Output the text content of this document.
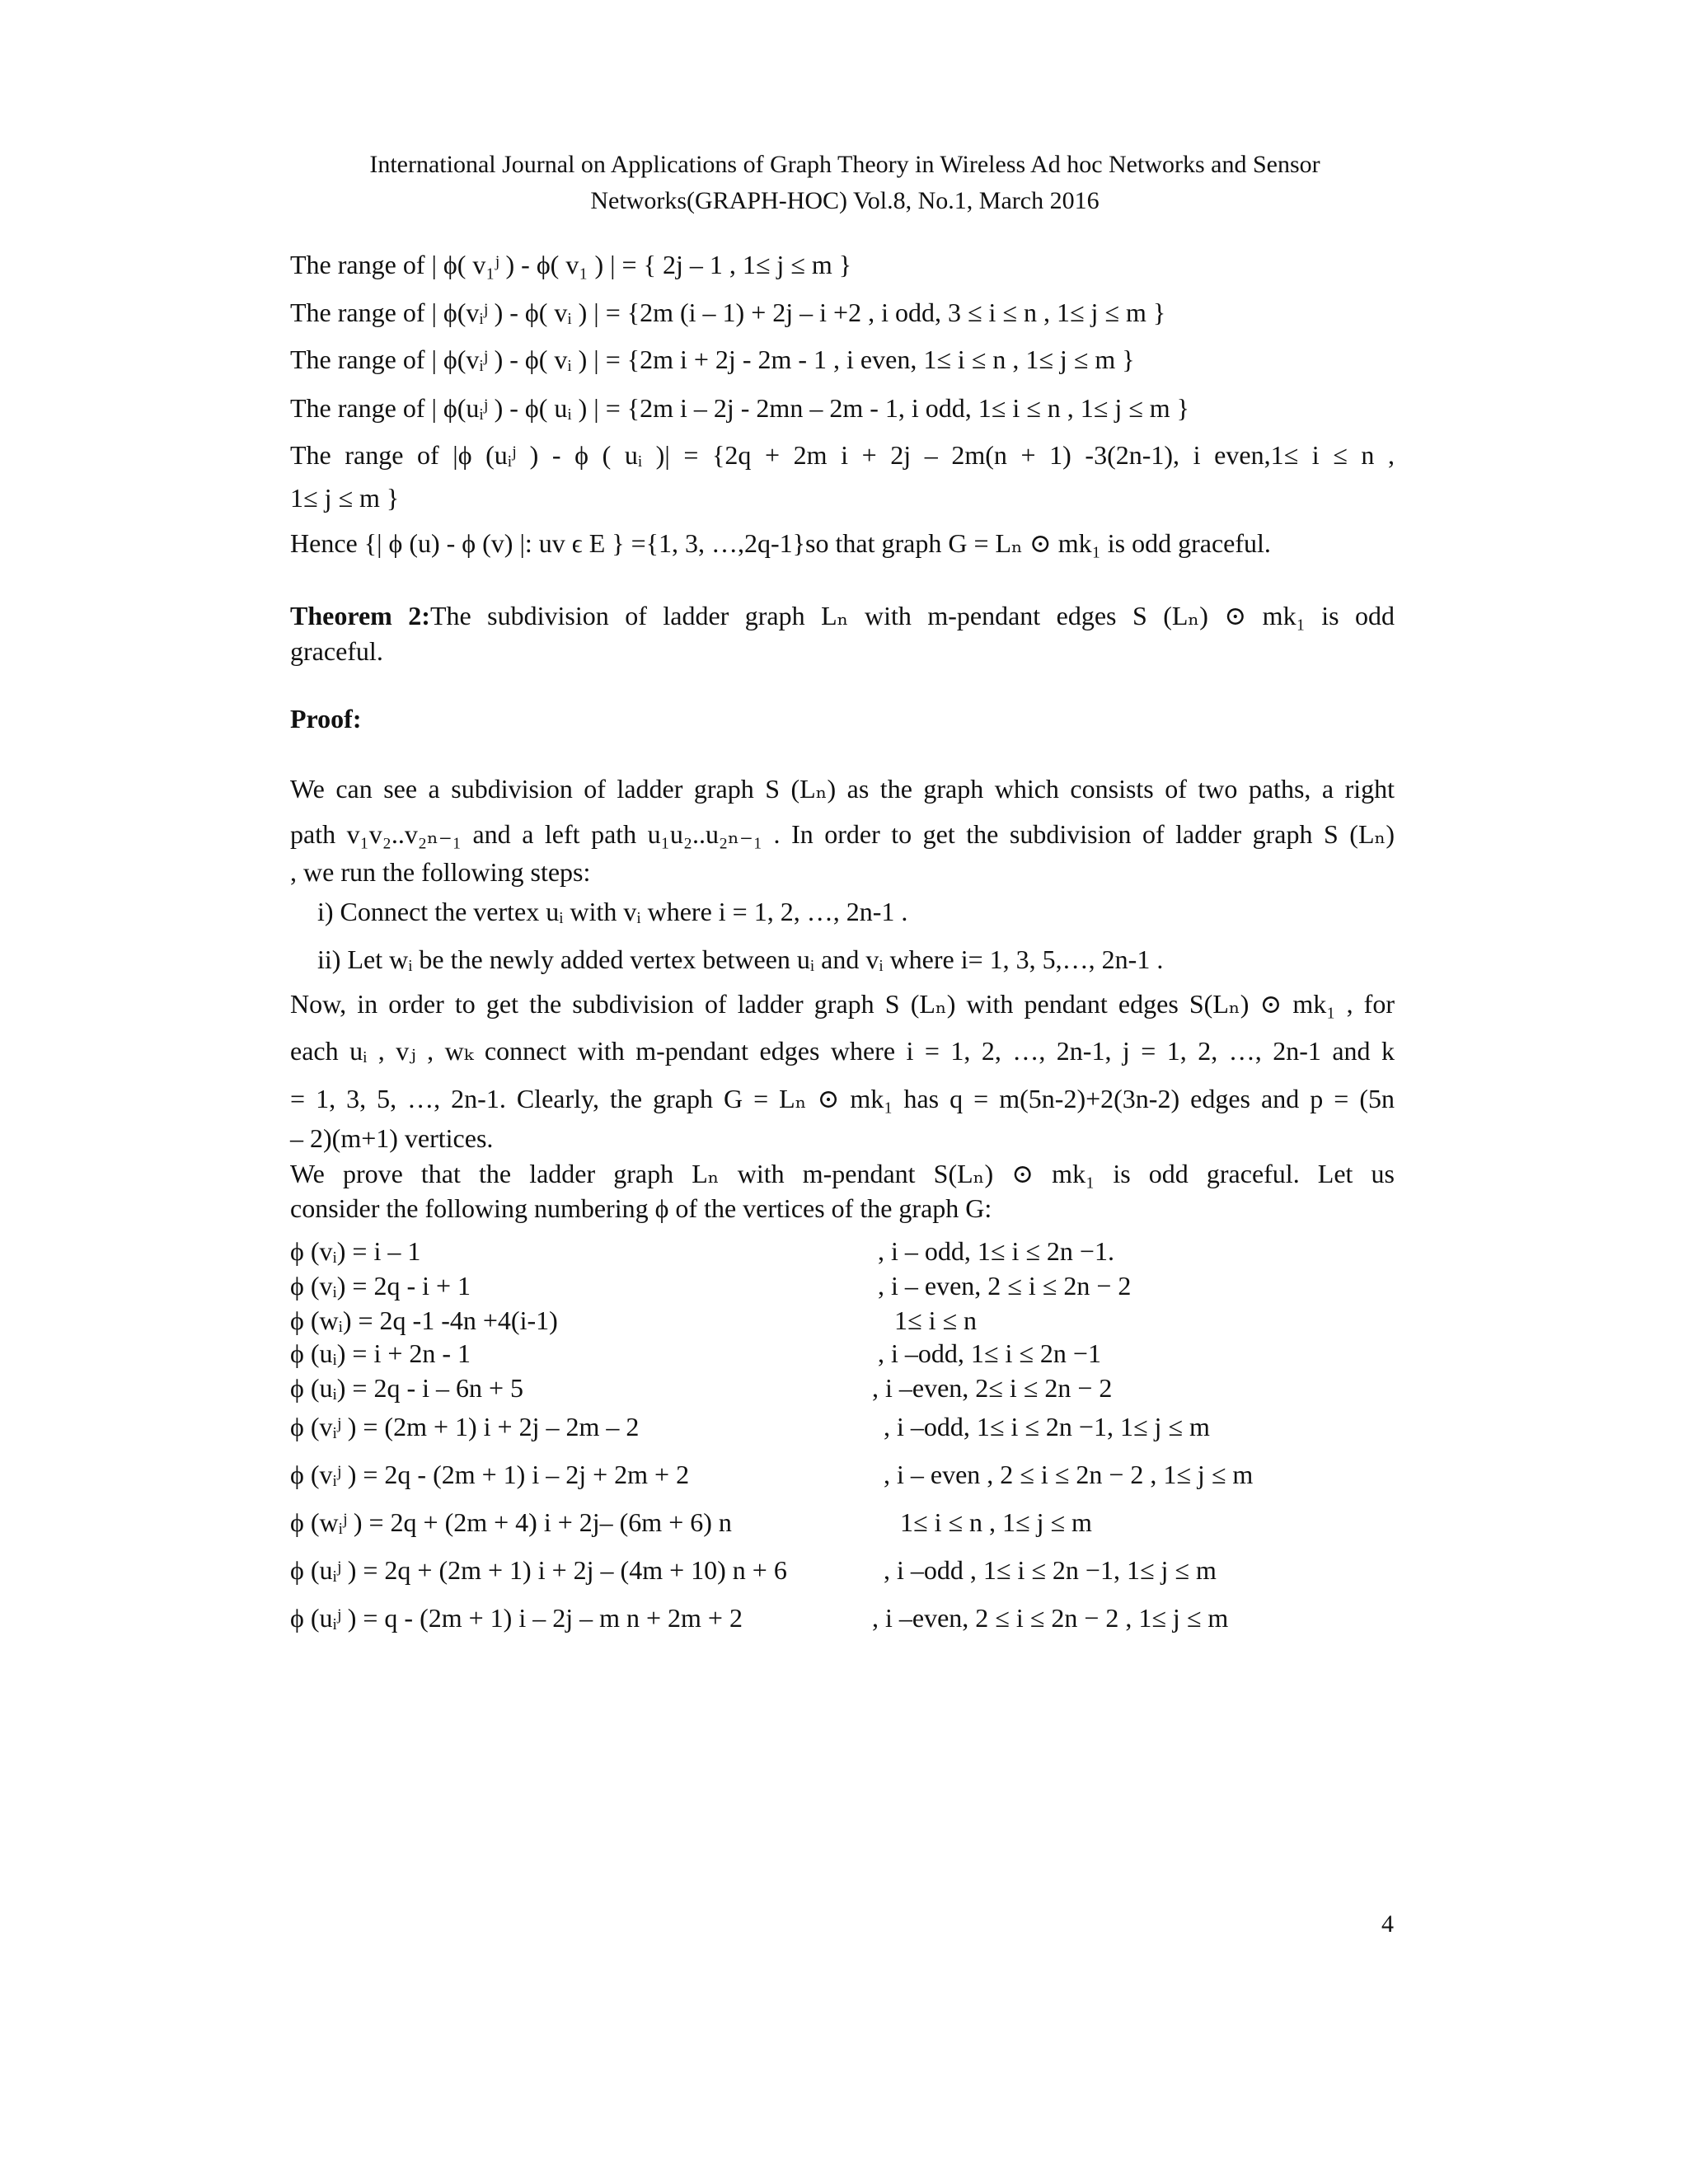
International Journal on Applications of Graph Theory in Wireless Ad hoc Networks and Sensor
Networks(GRAPH-HOC) Vol.8, No.1, March 2016
The range of | ϕ( v₁ʲ ) - ϕ( v₁ ) | = { 2j – 1 , 1≤ j ≤ m }
The range of | ϕ(vᵢʲ ) - ϕ( vᵢ ) | = {2m (i – 1) + 2j – i +2 , i odd, 3 ≤ i ≤ n , 1≤ j ≤ m }
The range of | ϕ(vᵢʲ ) - ϕ( vᵢ ) | = {2m i + 2j - 2m - 1 , i even, 1≤ i ≤ n , 1≤ j ≤ m }
The range of | ϕ(uᵢʲ ) - ϕ( uᵢ ) | = {2m i – 2j - 2mn – 2m - 1, i odd, 1≤ i ≤ n , 1≤ j ≤ m }
The range of |ϕ (uᵢʲ ) - ϕ ( uᵢ )| = {2q + 2m i + 2j – 2m(n + 1) -3(2n-1), i even,1≤ i ≤ n ,
1≤ j ≤ m }
Hence {| ϕ (u) - ϕ (v) |: uv ϵ E } ={1, 3, …,2q-1}so that graph G = Lₙ ⊙ mk₁ is odd graceful.
Theorem 2:The subdivision of ladder graph Lₙ with m-pendant edges S (Lₙ) ⊙ mk₁ is odd
graceful.
Proof:
We can see a subdivision of ladder graph S (Lₙ) as the graph which consists of two paths, a right
path v₁v₂..v₂ₙ₋₁ and a left path u₁u₂..u₂ₙ₋₁ . In order to get the subdivision of ladder graph S (Lₙ)
, we run the following steps:
i) Connect the vertex uᵢ with vᵢ where i = 1, 2, …, 2n-1 .
ii) Let wᵢ be the newly added vertex between uᵢ and vᵢ where i= 1, 3, 5,…, 2n-1 .
Now, in order to get the subdivision of ladder graph S (Lₙ) with pendant edges S(Lₙ) ⊙ mk₁ , for
each uᵢ , vⱼ , wₖ connect with m-pendant edges where i = 1, 2, …, 2n-1, j = 1, 2, …, 2n-1 and k
= 1, 3, 5, …, 2n-1. Clearly, the graph G = Lₙ ⊙ mk₁ has q = m(5n-2)+2(3n-2) edges and p = (5n
– 2)(m+1) vertices.
We prove that the ladder graph Lₙ with m-pendant S(Lₙ) ⊙ mk₁ is odd graceful. Let us
consider the following numbering ϕ of the vertices of the graph G:
ϕ (vᵢ) = i – 1	, i – odd, 1≤ i ≤ 2n −1.
ϕ (vᵢ) = 2q - i + 1	, i – even, 2 ≤ i ≤ 2n − 2
ϕ (wᵢ) = 2q -1 -4n +4(i-1)	1≤ i ≤ n
ϕ (uᵢ) = i + 2n - 1	, i –odd, 1≤ i ≤ 2n −1
ϕ (uᵢ) = 2q - i – 6n + 5	, i –even, 2≤ i ≤ 2n − 2
ϕ (vᵢʲ ) = (2m + 1) i + 2j – 2m – 2	, i –odd, 1≤ i ≤ 2n −1, 1≤ j ≤ m
ϕ (vᵢʲ ) = 2q - (2m + 1) i – 2j + 2m + 2	, i – even , 2 ≤ i ≤ 2n − 2 , 1≤ j ≤ m
ϕ (wᵢʲ ) = 2q + (2m + 4) i + 2j– (6m + 6) n	1≤ i ≤ n , 1≤ j ≤ m
ϕ (uᵢʲ ) = 2q + (2m + 1) i + 2j – (4m + 10) n + 6	, i –odd , 1≤ i ≤ 2n −1, 1≤ j ≤ m
ϕ (uᵢʲ ) = q - (2m + 1) i – 2j – m n + 2m + 2	, i –even, 2 ≤ i ≤ 2n − 2 , 1≤ j ≤ m
4
